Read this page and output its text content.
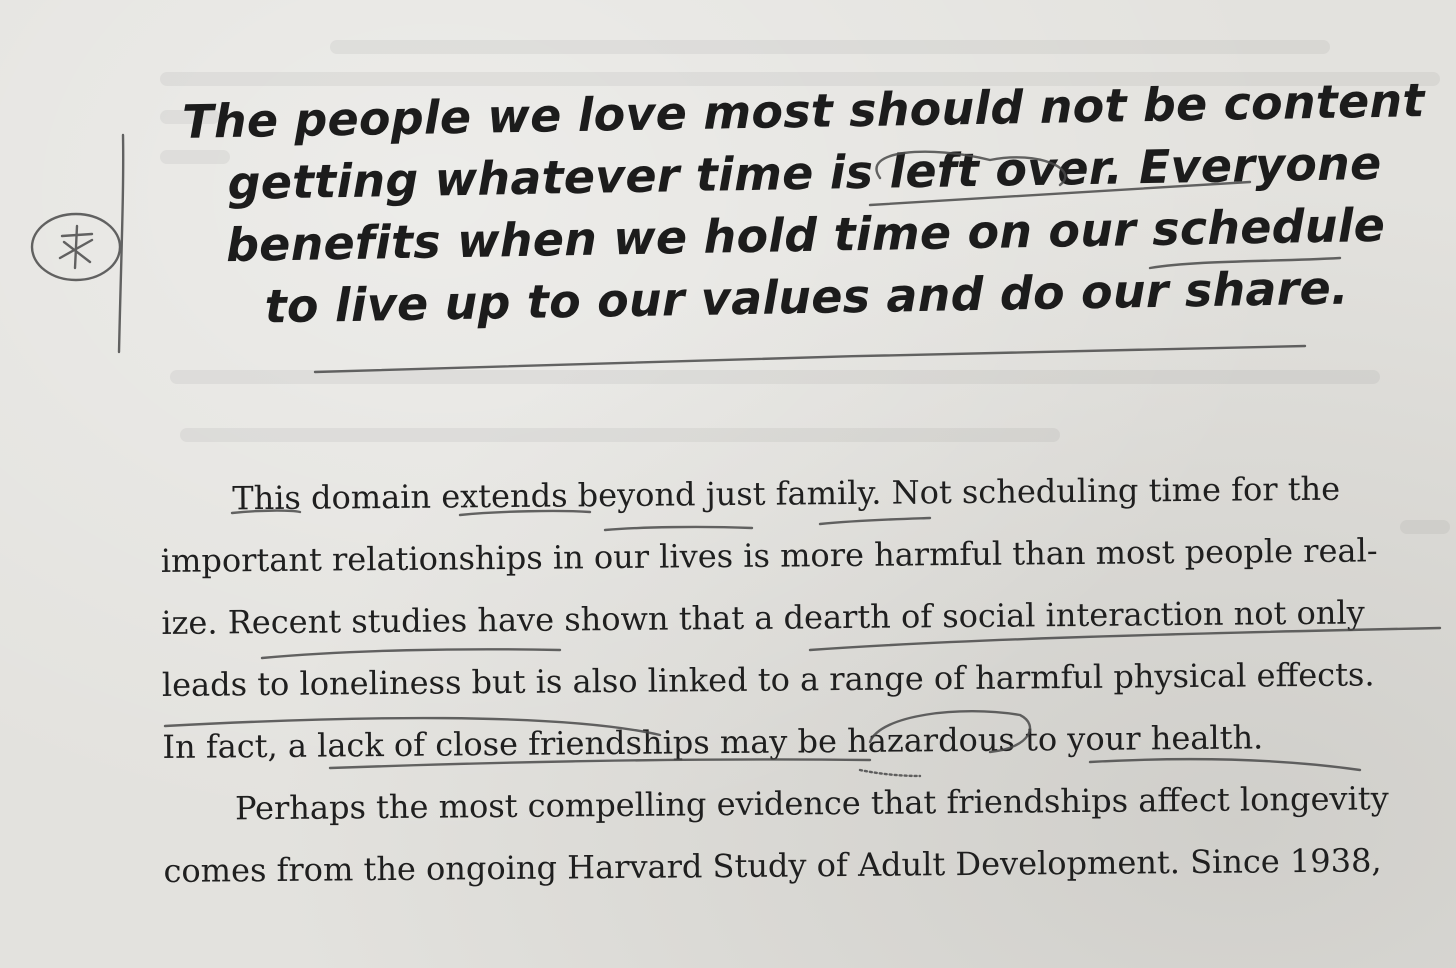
The people we love most should not be content
getting whatever time is left over. Everyone
benefits when we hold time on our schedule
to live up to our values and do our share.
This domain extends beyond just family. Not scheduling time for the
important relationships in our lives is more harmful than most people real-
ize. Recent studies have shown that a dearth of social interaction not only
leads to loneliness but is also linked to a range of harmful physical effects.
In fact, a lack of close friendships may be hazardous to your health.
Perhaps the most compelling evidence that friendships affect longevity
comes from the ongoing Harvard Study of Adult Development. Since 1938,
